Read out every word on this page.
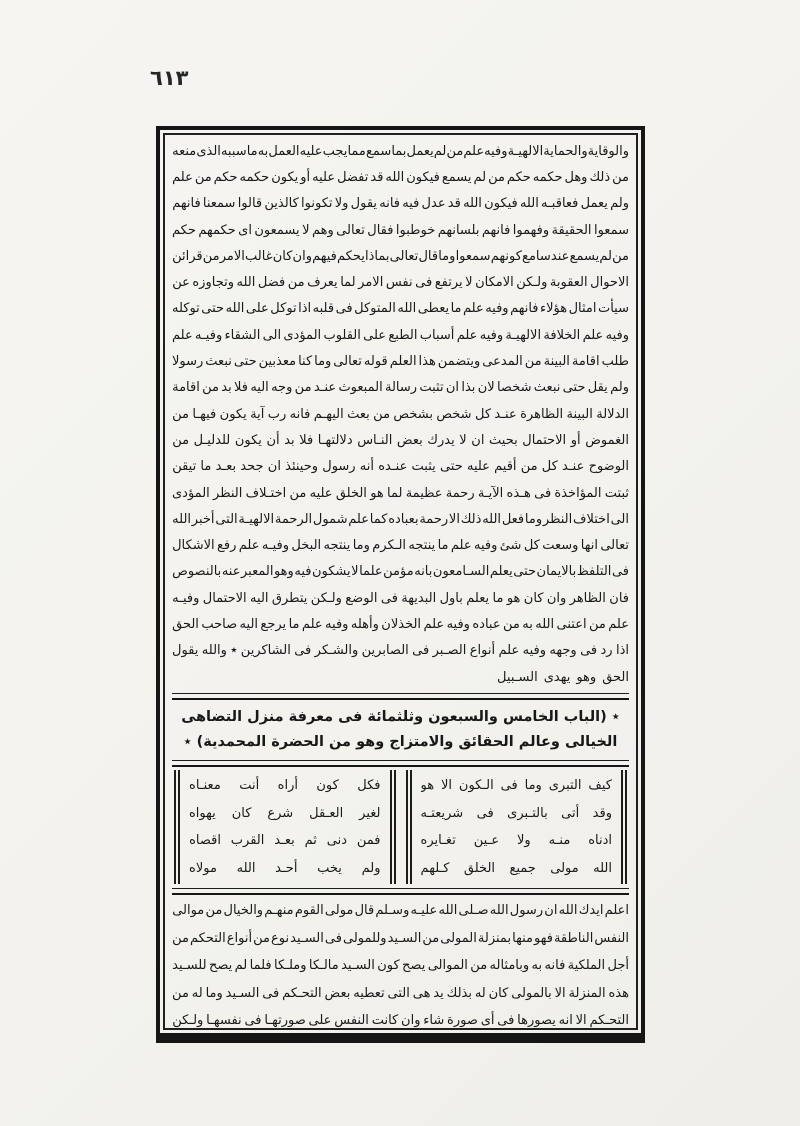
٦١٣
والوقاية
والحماية
الالهيـة
وفيه
علم
من
لم
يعمل
بما
سمع
مما
يجب
عليه
العمل
به
ما
سببه
الذى
منعه
من
ذلك
وهل
حكمه
حكم
من
لم
يسمع
فيكون
الله
قد
تفضل
عليه
أو
يكون
حكمه
حكم
من
علم
ولم
يعمل
فعاقبـه
الله
فيكون
الله
قد
عدل
فيه
فانه
يقول
ولا
تكونوا
كالذين
قالوا
سمعنا
فانهم
سمعوا
الحقيقة
وفهموا
فانهم
بلسانهم
خوطبوا
فقال
تعالى
وهم
لا
يسمعون
اى
حكمهم
حكم
من
لم
يسمع
عند
سامع
كونهم
سمعوا
وما
قال
تعالى
بماذا
يحكم
فيهم
وان
كان
غالب
الامر
من
قرائن
الاحوال
العقوبة
ولـكن
الامكان
لا
يرتفع
فى
نفس
الامر
لما
يعرف
من
فضل
الله
وتجاوزه
عن
سيأت
امثال
هؤلاء
فانهم
وفيه
علم
ما
يعطى
الله
المتوكل
فى
قلبه
اذا
توكل
على
الله
حتى
توكله
وفيه
علم
الخلافة
الالهيـة
وفيه
علم
أسباب
الطبع
على
القلوب
المؤدى
الى
الشقاء
وفيـه
علم
طلب
اقامة
البينة
من
المدعى
ويتضمن
هذا
العلم
قوله
تعالى
وما
كنا
معذبين
حتى
نبعث
رسولا
ولم
يقل
حتى
نبعث
شخصا
لان
بذا
ان
تثبت
رسالة
المبعوث
عنـد
من
وجه
اليه
فلا
بد
من
اقامة
الدلالة
البينة
الظاهرة
عنـد
كل
شخص
بشخص
من
بعث
اليهـم
فانه
رب
آية
يكون
فيهـا
من
الغموض
أو
الاحتمال
بحيث
ان
لا
يدرك
بعض
النـاس
دلالتهـا
فلا
بد
أن
يكون
للدليـل
من
الوضوح
عنـد
كل
من
أقيم
عليه
حتى
يثبت
عنـده
أنه
رسول
وحينئذ
ان
جحد
بعـد
ما
تيقن
ثبتت
المؤاخذة
فى
هـذه
الآيـة
رحمة
عظيمة
لما
هو
الخلق
عليه
من
اختـلاف
النظر
المؤدى
الى
اختلاف
النظر
وما
فعل
الله
ذلك
الا
رحمة
بعباده
كما
علم
شمول
الرحمة
الالهيـة
التى
أخبر
الله
تعالى
انها
وسعت
كل
شئ
وفيه
علم
ما
ينتجه
الـكرم
وما
ينتجه
البخل
وفيـه
علم
رفع
الاشكال
فى
التلفظ
بالايمان
حتى
يعلم
السـامعون
بانه
مؤمن
علما
لا
يشكون
فيه
وهو
المعبر
عنه
بالنصوص
فان
الظاهر
وان
كان
هو
ما
يعلم
باول
البديهة
فى
الوضع
ولـكن
يتطرق
اليه
الاحتمال
وفيـه
علم
من
اعتنى
الله
به
من
عباده
وفيه
علم
الخذلان
وأهله
وفيه
علم
ما
يرجع
اليه
صاحب
الحق
اذا
رد
فى
وجهه
وفيه
علم
أنواع
الصـبر
فى
الصابرين
والشـكر
فى
الشاكرين
٭
والله
يقول
الحق
وهو
يهدى
السـبيل
٭ (الباب الخامس والسبعون وثلثمائة فى معرفة منزل التضاهى
الخيالى وعالم الحقائق والامتزاج وهو من الحضرة المحمدية) ٭
كيف
التبرى
وما
فى
الـكون
الا
هو
وقد
أتى
بالتـبرى
فى
شريعتـه
ادناه
منـه
ولا
عـين
تغـايره
الله
مولى
جميع
الخلق
كـلهم
فكل
كون
أراه
أنت
معنـاه
لغير
العـقل
شرع
كان
يهواه
فمن
دنى
ثم
بعـد
القرب
اقصاه
ولم
يخب
أحـد
الله
مولاه
اعلم
ايدك
الله
ان
رسول
الله
صـلى
الله
عليـه
وسـلم
قال
مولى
القوم
منهـم
والخيال
من
موالى
النفس
الناطقة
فهو
منها
بمنزلة
المولى
من
السـيد
وللمولى
فى
السـيد
نوع
من
أنواع
التحكم
من
أجل
الملكية
فانه
به
وبامثاله
من
الموالى
يصح
كون
السـيد
مالـكا
وملـكا
فلما
لم
يصح
للسـيد
هذه
المنزلة
الا
بالمولى
كان
له
بذلك
يد
هى
التى
تعطيه
بعض
التحـكم
فى
السـيد
وما
له
من
التحـكم
الا
انه
يصورها
فى
أى
صورة
شاء
وان
كانت
النفس
على
صورتهـا
فى
نفسهـا
ولـكن
